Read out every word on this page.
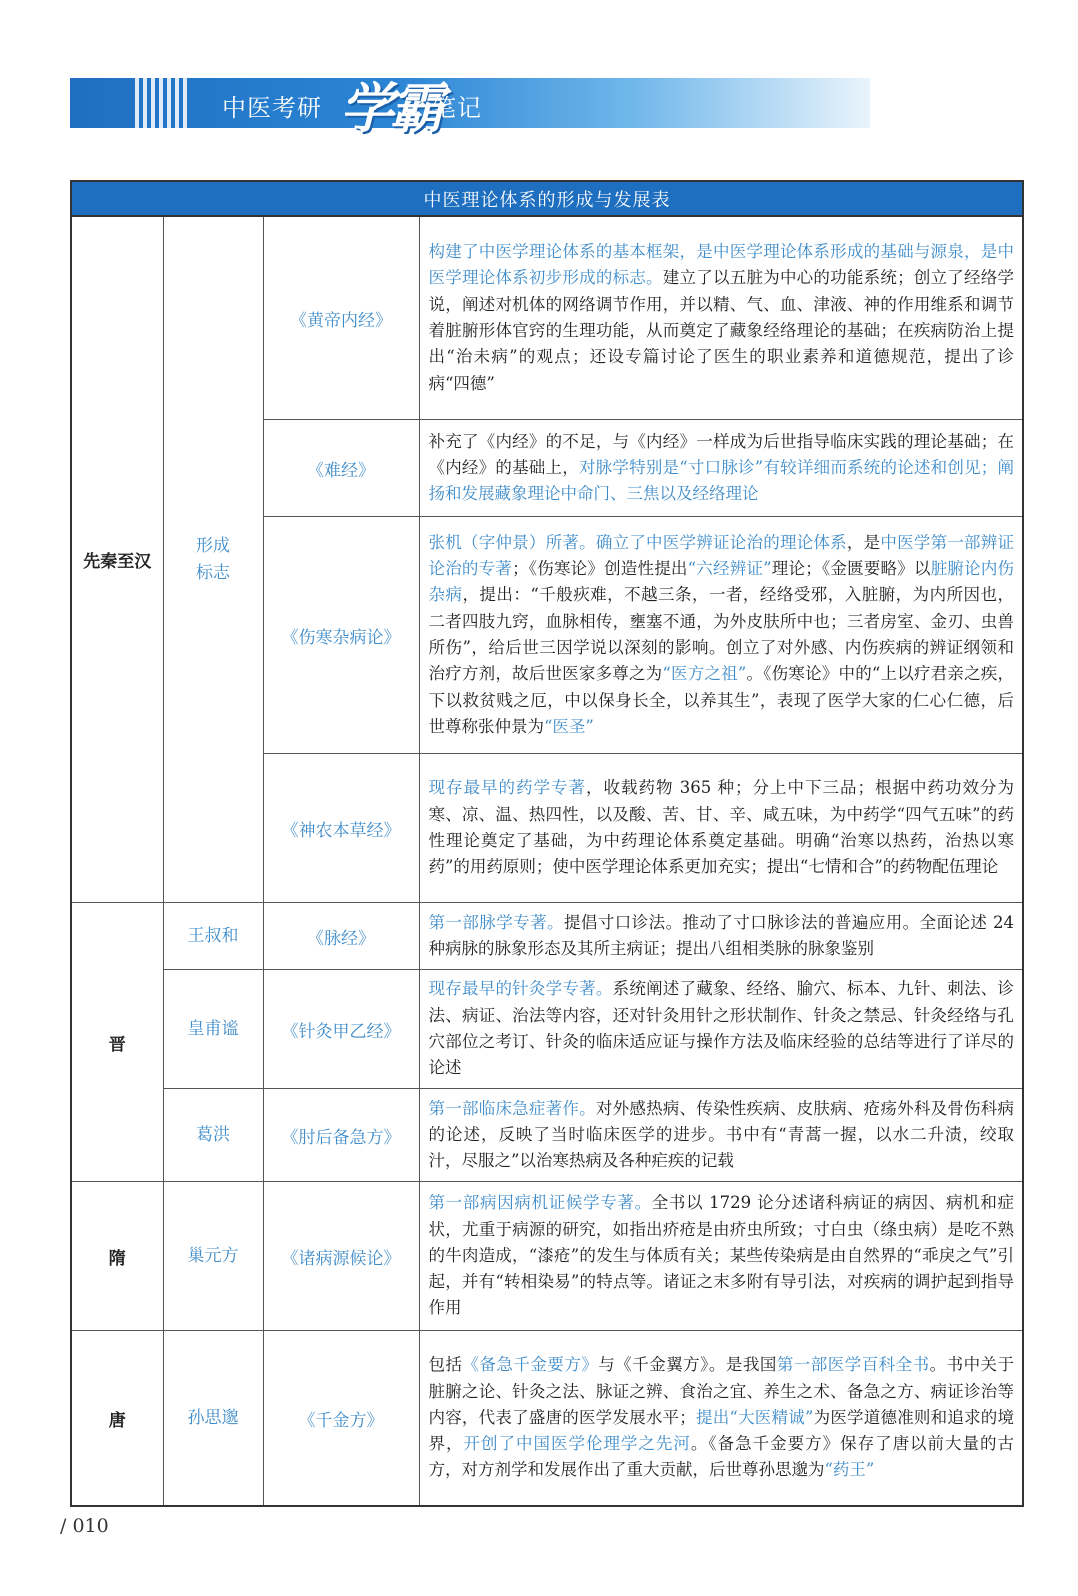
中医考研 学霸
笔记
中医理论体系的形成与发展表			
先秦至汉	形成标志	《黄帝内经》	构建了中医学理论体系的基本框架，是中医学理论体系形成的基础与源泉，是中医学理论体系初步形成的标志。建立了以五脏为中心的功能系统；创立了经络学说，阐述对机体的网络调节作用，并以精、气、血、津液、神的作用维系和调节着脏腑形体官窍的生理功能，从而奠定了藏象经络理论的基础；在疾病防治上提出“治未病”的观点；还设专篇讨论了医生的职业素养和道德规范，提出了诊病“四德”
		《难经》	补充了《内经》的不足，与《内经》一样成为后世指导临床实践的理论基础；在《内经》的基础上，对脉学特别是“寸口脉诊”有较详细而系统的论述和创见；阐扬和发展藏象理论中命门、三焦以及经络理论
		《伤寒杂病论》	张机（字仲景）所著。确立了中医学辨证论治的理论体系，是中医学第一部辨证论治的专著；《伤寒论》创造性提出“六经辨证”理论；《金匮要略》以脏腑论内伤杂病，提出：“千般疢难，不越三条，一者，经络受邪，入脏腑，为内所因也，二者四肢九窍，血脉相传，壅塞不通，为外皮肤所中也；三者房室、金刃、虫兽所伤”，给后世三因学说以深刻的影响。创立了对外感、内伤疾病的辨证纲领和治疗方剂，故后世医家多尊之为“医方之祖”。《伤寒论》中的“上以疗君亲之疾，下以救贫贱之厄，中以保身长全，以养其生”，表现了医学大家的仁心仁德，后世尊称张仲景为“医圣”
		《神农本草经》	现存最早的药学专著，收载药物 365 种；分上中下三品；根据中药功效分为寒、凉、温、热四性，以及酸、苦、甘、辛、咸五味，为中药学“四气五味”的药性理论奠定了基础，为中药理论体系奠定基础。明确“治寒以热药，治热以寒药”的用药原则；使中医学理论体系更加充实；提出“七情和合”的药物配伍理论
晋	王叔和	《脉经》	第一部脉学专著。提倡寸口诊法。推动了寸口脉诊法的普遍应用。全面论述 24 种病脉的脉象形态及其所主病证；提出八组相类脉的脉象鉴别
	皇甫谧	《针灸甲乙经》	现存最早的针灸学专著。系统阐述了藏象、经络、腧穴、标本、九针、刺法、诊法、病证、治法等内容，还对针灸用针之形状制作、针灸之禁忌、针灸经络与孔穴部位之考订、针灸的临床适应证与操作方法及临床经验的总结等进行了详尽的论述
	葛洪	《肘后备急方》	第一部临床急症著作。对外感热病、传染性疾病、皮肤病、疮疡外科及骨伤科病的论述，反映了当时临床医学的进步。书中有“青蒿一握，以水二升渍，绞取汁，尽服之”以治寒热病及各种疟疾的记载
隋	巢元方	《诸病源候论》	第一部病因病机证候学专著。全书以 1729 论分述诸科病证的病因、病机和症状，尤重于病源的研究，如指出疥疮是由疥虫所致；寸白虫（绦虫病）是吃不熟的牛肉造成，“漆疮”的发生与体质有关；某些传染病是由自然界的“乖戾之气”引起，并有“转相染易”的特点等。诸证之末多附有导引法，对疾病的调护起到指导作用
唐	孙思邈	《千金方》	包括《备急千金要方》与《千金翼方》。是我国第一部医学百科全书。书中关于脏腑之论、针灸之法、脉证之辨、食治之宜、养生之术、备急之方、病证诊治等内容，代表了盛唐的医学发展水平；提出“大医精诚”为医学道德准则和追求的境界，开创了中国医学伦理学之先河。《备急千金要方》保存了唐以前大量的古方，对方剂学和发展作出了重大贡献，后世尊孙思邈为“药王”
/ 010
